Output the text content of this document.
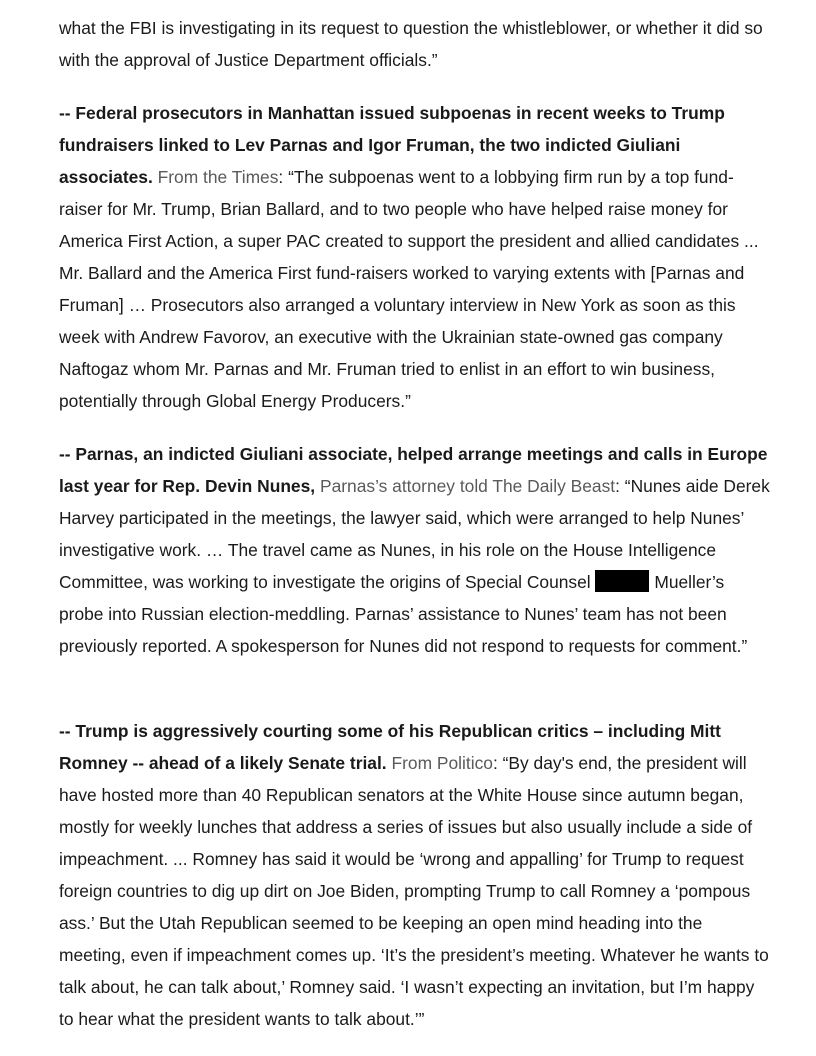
what the FBI is investigating in its request to question the whistleblower, or whether it did so with the approval of Justice Department officials.”

-- Federal prosecutors in Manhattan issued subpoenas in recent weeks to Trump fundraisers linked to Lev Parnas and Igor Fruman, the two indicted Giuliani associates. From the Times: “The subpoenas went to a lobbying firm run by a top fund-raiser for Mr. Trump, Brian Ballard, and to two people who have helped raise money for America First Action, a super PAC created to support the president and allied candidates ... Mr. Ballard and the America First fund-raisers worked to varying extents with [Parnas and Fruman] … Prosecutors also arranged a voluntary interview in New York as soon as this week with Andrew Favorov, an executive with the Ukrainian state-owned gas company Naftogaz whom Mr. Parnas and Mr. Fruman tried to enlist in an effort to win business, potentially through Global Energy Producers.”

-- Parnas, an indicted Giuliani associate, helped arrange meetings and calls in Europe last year for Rep. Devin Nunes, Parnas’s attorney told The Daily Beast: “Nunes aide Derek Harvey participated in the meetings, the lawyer said, which were arranged to help Nunes’ investigative work. … The travel came as Nunes, in his role on the House Intelligence Committee, was working to investigate the origins of Special Counsel	Mueller’s probe into Russian election-meddling. Parnas’ assistance to Nunes’ team has not been previously reported. A spokesperson for Nunes did not respond to requests for comment.”

-- Trump is aggressively courting some of his Republican critics – including Mitt Romney -- ahead of a likely Senate trial. From Politico: “By day's end, the president will have hosted more than 40 Republican senators at the White House since autumn began, mostly for weekly lunches that address a series of issues but also usually include a side of impeachment. ... Romney has said it would be ‘wrong and appalling’ for Trump to request foreign countries to dig up dirt on Joe Biden, prompting Trump to call Romney a ‘pompous ass.’ But the Utah Republican seemed to be keeping an open mind heading into the meeting, even if impeachment comes up. ‘It’s the president’s meeting. Whatever he wants to talk about, he can talk about,’ Romney said. ‘I wasn’t expecting an invitation, but I’m happy to hear what the president wants to talk about.’”
